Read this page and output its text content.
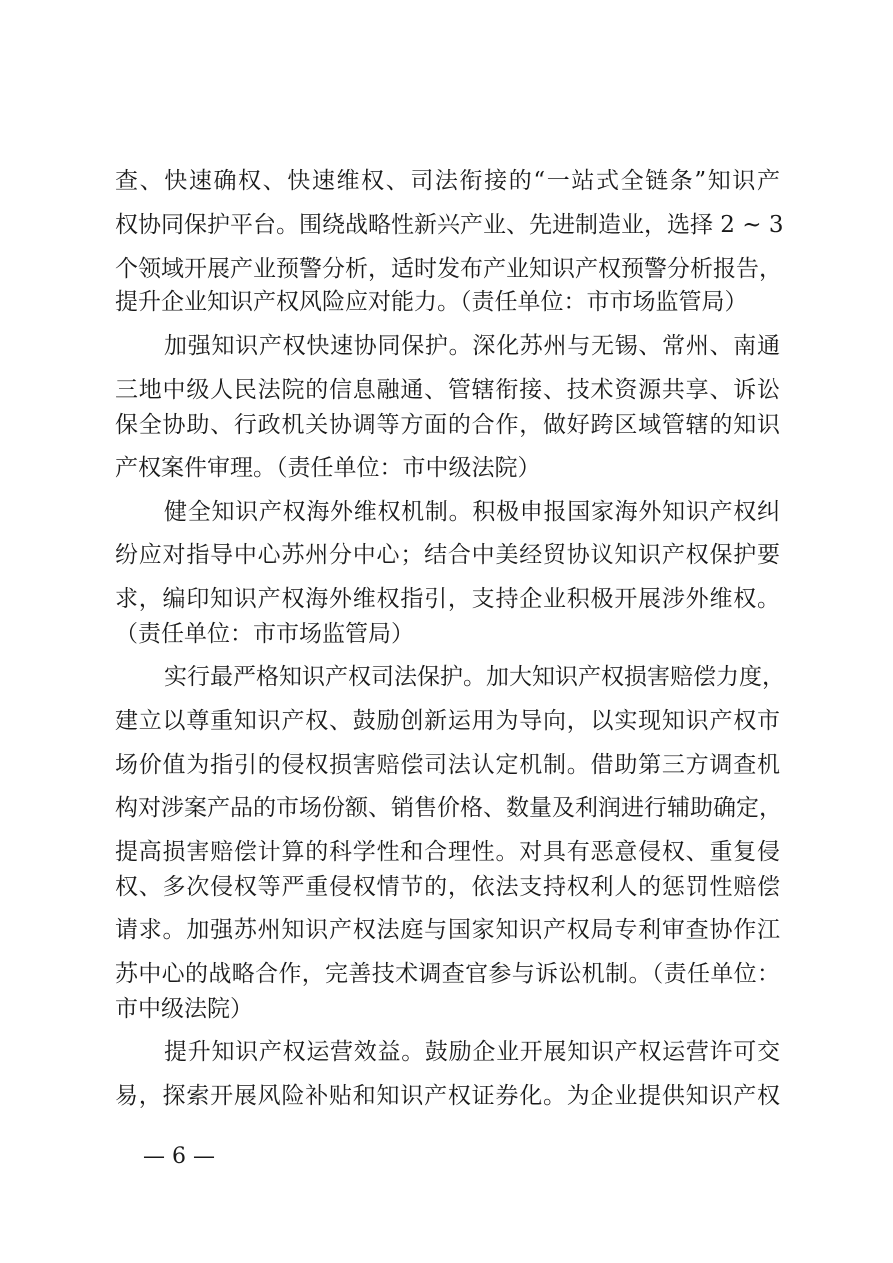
查、快速确权、快速维权、司法衔接的“一站式全链条”知识产
权协同保护平台。围绕战略性新兴产业、先进制造业，选择 2 ~ 3
个领域开展产业预警分析，适时发布产业知识产权预警分析报告，
提升企业知识产权风险应对能力。（责任单位：市市场监管局）
加强知识产权快速协同保护。深化苏州与无锡、常州、南通
三地中级人民法院的信息融通、管辖衔接、技术资源共享、诉讼
保全协助、行政机关协调等方面的合作，做好跨区域管辖的知识
产权案件审理。（责任单位：市中级法院）
健全知识产权海外维权机制。积极申报国家海外知识产权纠
纷应对指导中心苏州分中心；结合中美经贸协议知识产权保护要
求，编印知识产权海外维权指引，支持企业积极开展涉外维权。
（责任单位：市市场监管局）
实行最严格知识产权司法保护。加大知识产权损害赔偿力度，
建立以尊重知识产权、鼓励创新运用为导向，以实现知识产权市
场价值为指引的侵权损害赔偿司法认定机制。借助第三方调查机
构对涉案产品的市场份额、销售价格、数量及利润进行辅助确定，
提高损害赔偿计算的科学性和合理性。对具有恶意侵权、重复侵
权、多次侵权等严重侵权情节的，依法支持权利人的惩罚性赔偿
请求。加强苏州知识产权法庭与国家知识产权局专利审查协作江
苏中心的战略合作，完善技术调查官参与诉讼机制。（责任单位：
市中级法院）
提升知识产权运营效益。鼓励企业开展知识产权运营许可交
易，探索开展风险补贴和知识产权证券化。为企业提供知识产权
— 6 —
